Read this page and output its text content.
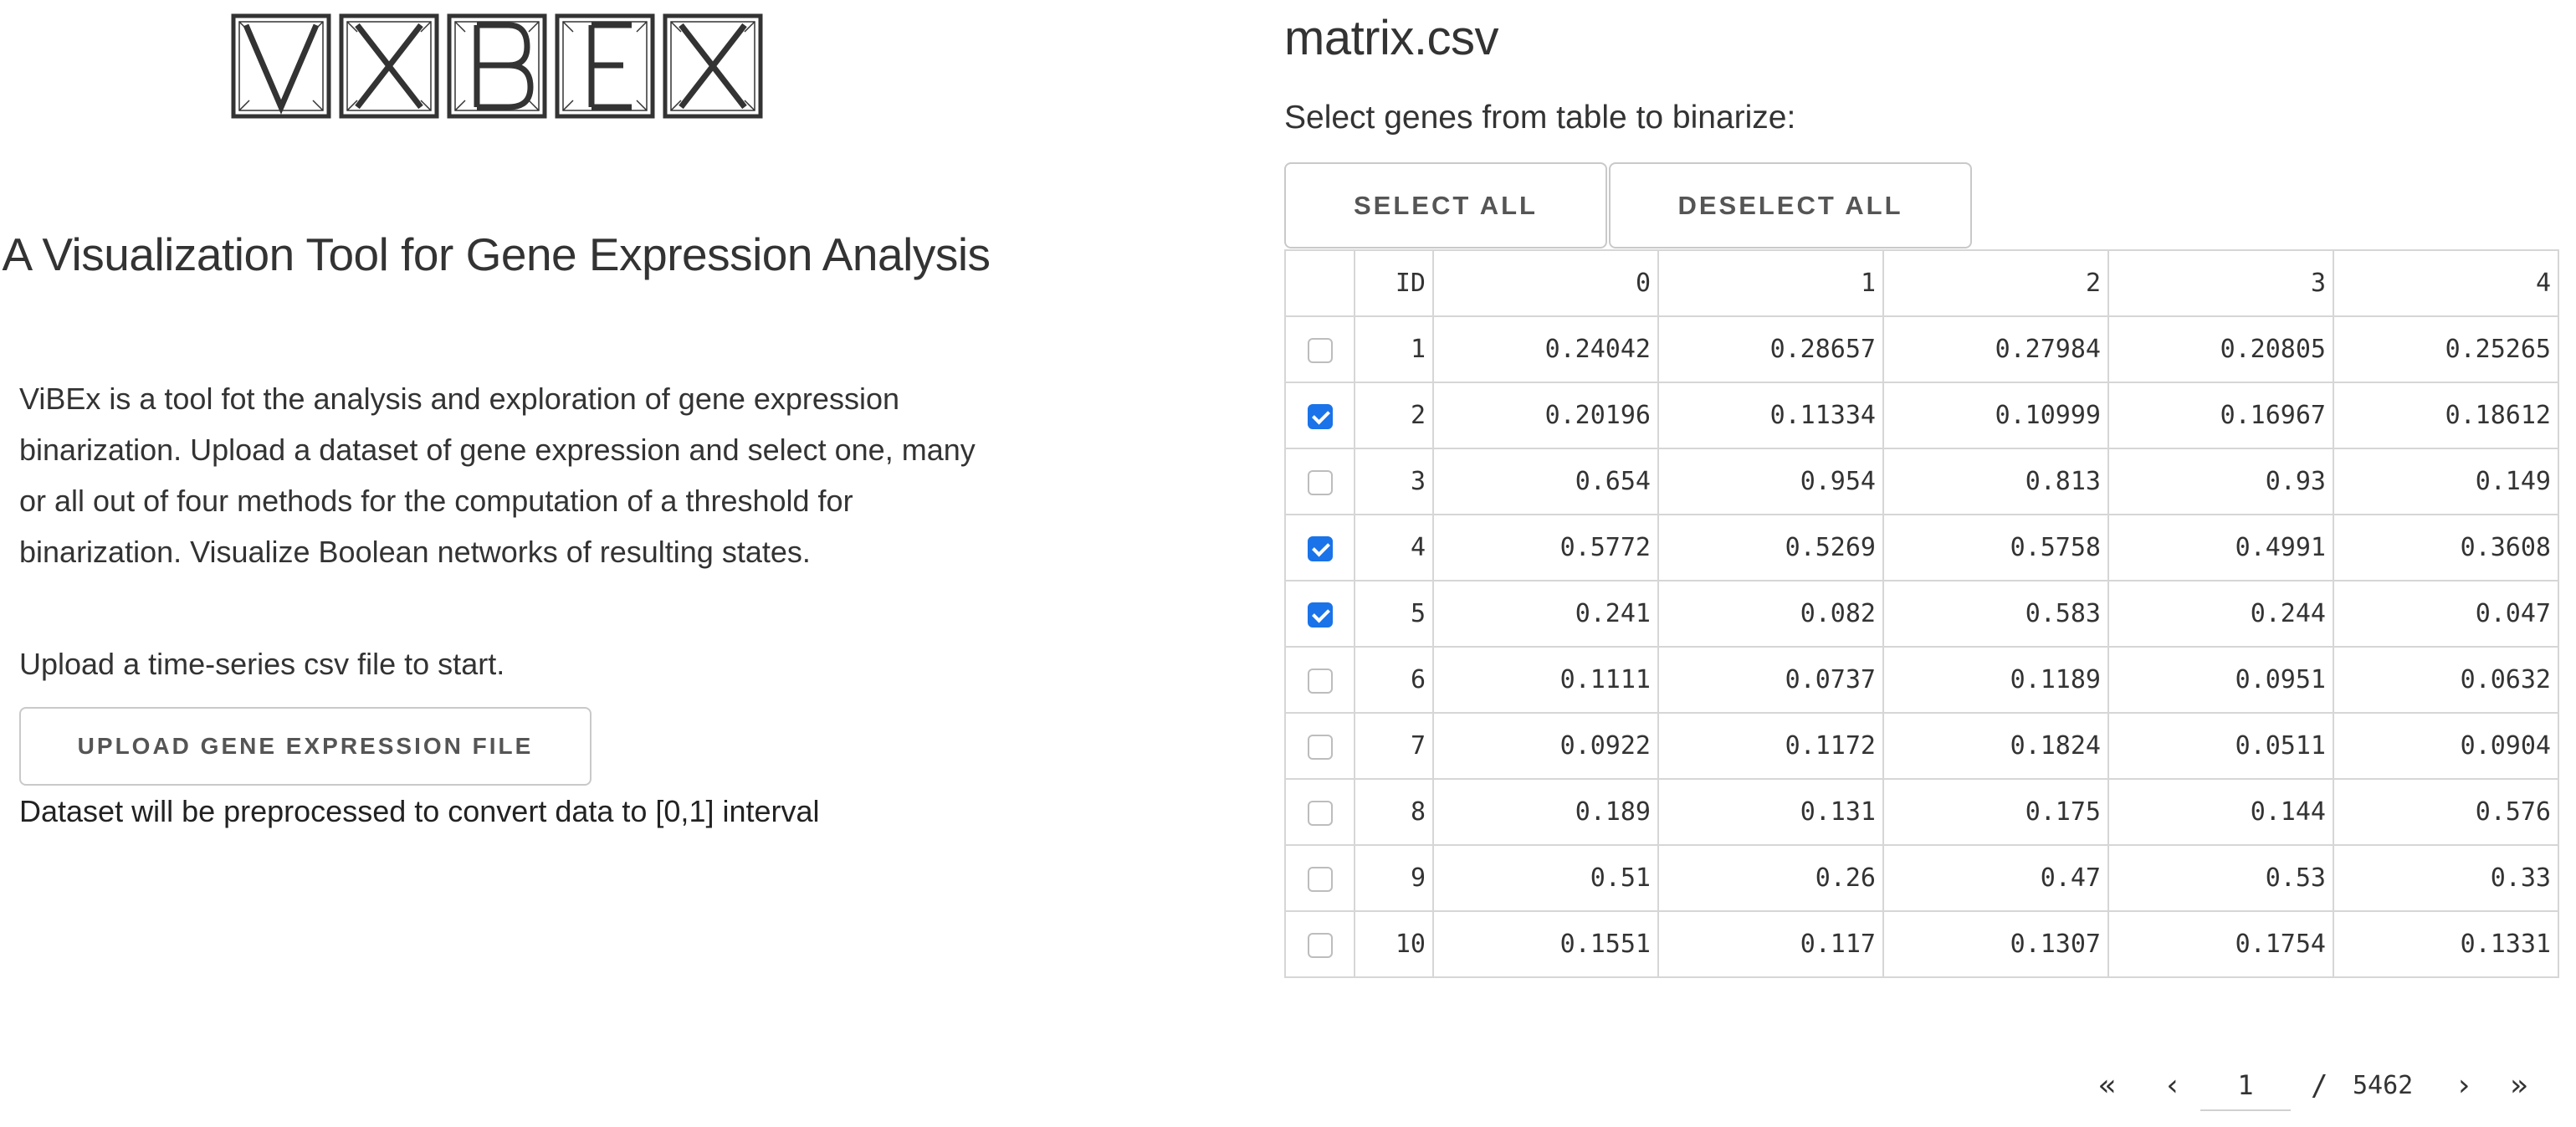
A Visualization Tool for Gene Expression Analysis
ViBEx is a tool fot the analysis and exploration of gene expression binarization. Upload a dataset of gene expression and select one, many or all out of four methods for the computation of a threshold for binarization. Visualize Boolean networks of resulting states.
Upload a time-series csv file to start.
UPLOAD GENE EXPRESSION FILE
Dataset will be preprocessed to convert data to [0,1] interval
matrix.csv
Select genes from table to binarize:
SELECT ALL	DESELECT ALL
	ID	0	1	2	3	4
	1	0.24042	0.28657	0.27984	0.20805	0.25265
	2	0.20196	0.11334	0.10999	0.16967	0.18612
	3	0.654	0.954	0.813	0.93	0.149
	4	0.5772	0.5269	0.5758	0.4991	0.3608
	5	0.241	0.082	0.583	0.244	0.047
	6	0.1111	0.0737	0.1189	0.0951	0.0632
	7	0.0922	0.1172	0.1824	0.0511	0.0904
	8	0.189	0.131	0.175	0.144	0.576
	9	0.51	0.26	0.47	0.53	0.33
	10	0.1551	0.117	0.1307	0.1754	0.1331
« ‹
1	/ 5462 › »
